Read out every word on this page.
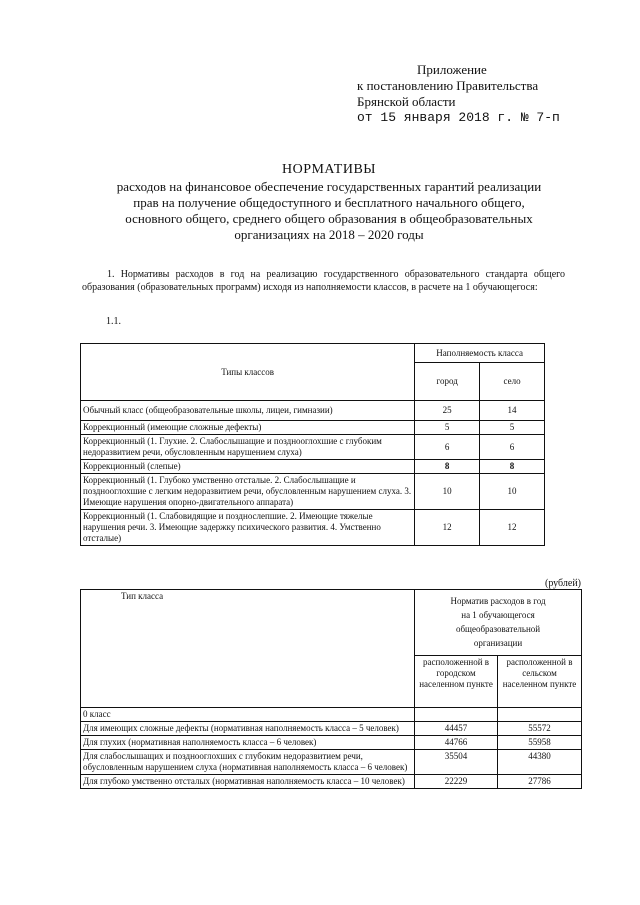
Приложение
к постановлению Правительства
Брянской области
от 15 января 2018 г. № 7-п
НОРМАТИВЫ
расходов на финансовое обеспечение государственных гарантий реализации
прав на получение общедоступного и бесплатного начального общего,
основного общего, среднего общего образования в общеобразовательных
организациях на 2018 – 2020 годы
1. Нормативы расходов в год на реализацию государственного образовательного стандарта общего образования (образовательных программ) исходя из наполняемости классов, в расчете на 1 обучающегося:
1.1.
Типы классов	Наполняемость класса	
	город	село
Обычный класс (общеобразовательные школы, лицеи, гимназии)	25	14
Коррекционный (имеющие сложные дефекты)	5	5
Коррекционный (1. Глухие. 2. Слабослышащие и позднооглохшие с глубоким недоразвитием речи, обусловленным нарушением слуха)	6	6
Коррекционный (слепые)	8	8
Коррекционный (1. Глубоко умственно отсталые. 2. Слабослышащие и позднооглохшие с легким недоразвитием речи, обусловленным нарушением слуха. 3. Имеющие нарушения опорно-двигательного аппарата)	10	10
Коррекционный (1. Слабовидящие и позднослепшие. 2. Имеющие тяжелые нарушения речи. 3. Имеющие задержку психического развития. 4. Умственно отсталые)	12	12
(рублей)
Тип класса	Норматив расходов в год на 1 обучающегося общеобразовательной организации	
	расположенной в городском населенном пункте	расположенной в сельском населенном пункте
0 класс		
Для имеющих сложные дефекты (нормативная наполняемость класса – 5 человек)	44457	55572
Для глухих (нормативная наполняемость класса – 6 человек)	44766	55958
Для слабослышащих и позднооглохших с глубоким недоразвитием речи, обусловленным нарушением слуха (нормативная наполняемость класса – 6 человек)	35504	44380
Для глубоко умственно отсталых (нормативная наполняемость класса – 10 человек)	22229	27786
